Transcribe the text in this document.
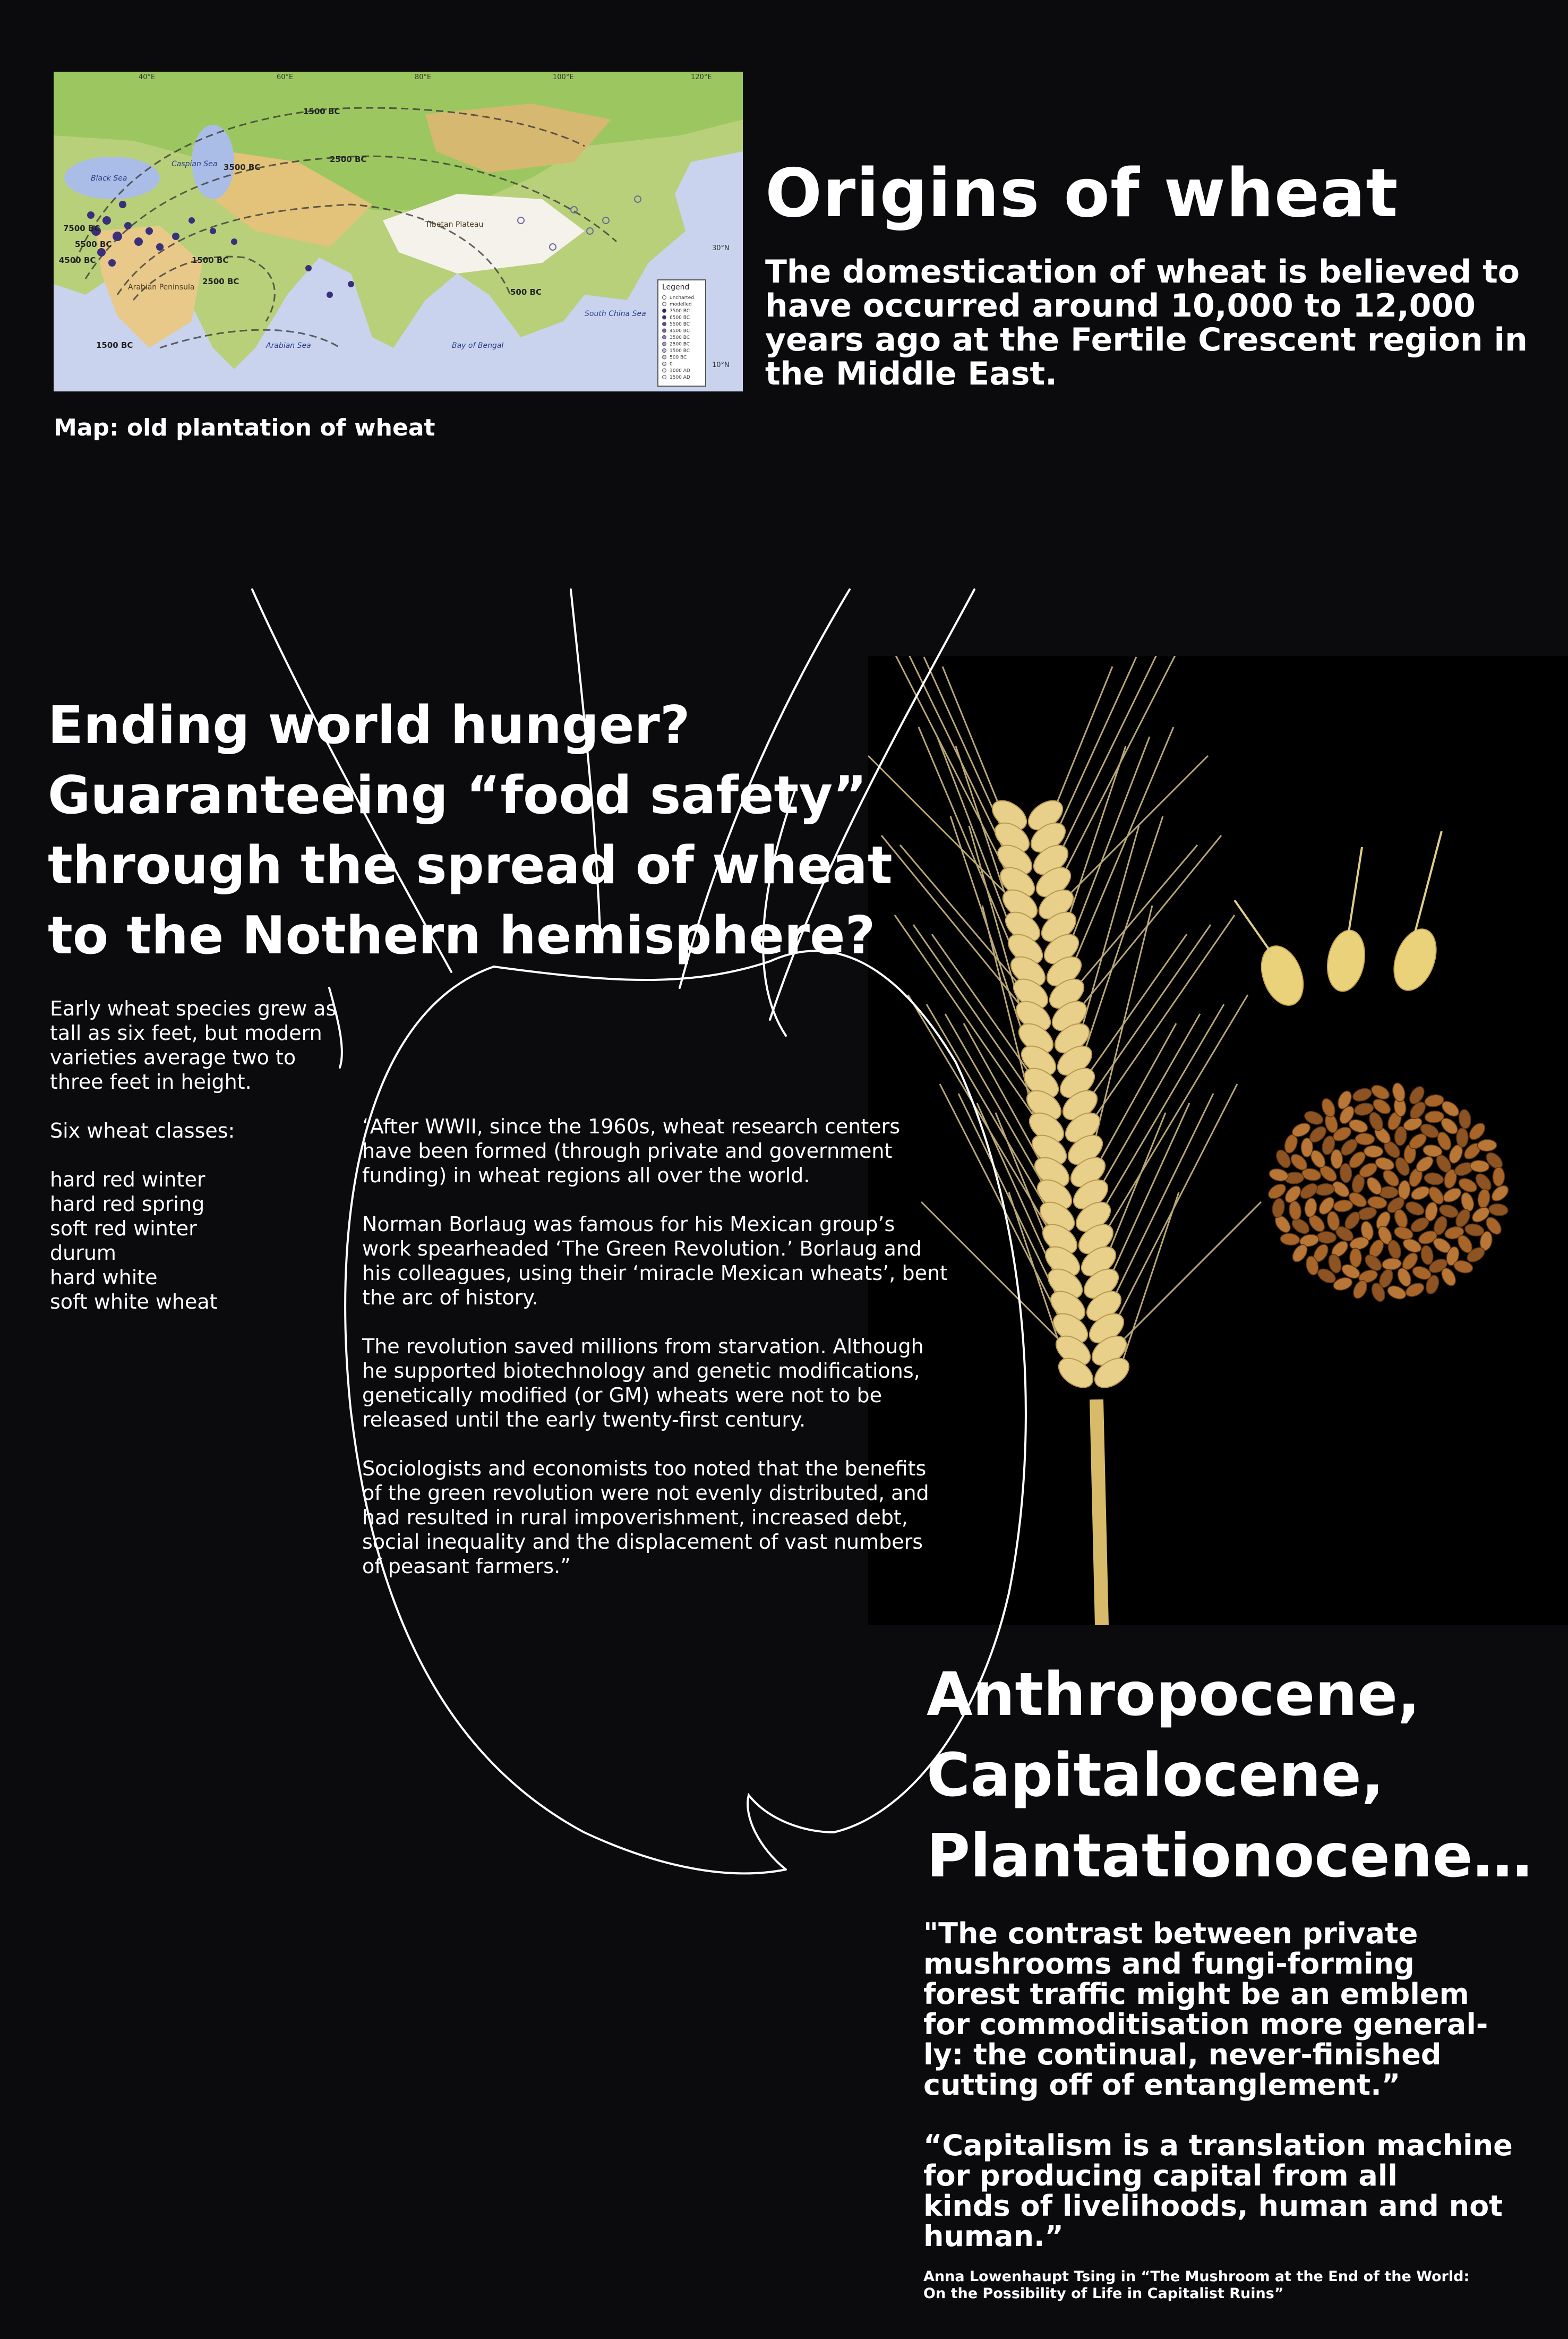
Caspian Sea
Black Sea
Arabian Sea	Bay of Bengal
South China Sea
Tibetan Plateau
Arabian Peninsula
1500 BC
2500 BC
3500 BC
7500 BC
5500 BC
4500 BC
2500 BC
1500 BC
500 BC
1500 BC
30°N
10°N
40°E	60°E	80°E	100°E	120°E
Legend
uncharted
modelled
7500 BC
6500 BC
5500 BC
4500 BC
3500 BC
2500 BC
1500 BC
500 BC
0
1000 AD
1500 AD
Map: old plantation of wheat
Origins of wheat
The domestication of wheat is believed to
have occurred around 10,000 to 12,000
years ago at the Fertile Crescent region in
the Middle East.
Ending world hunger?
Guaranteeing “food safety”
through the spread of wheat
to the Nothern hemisphere?
Early wheat species grew as
tall as six feet, but modern
varieties average two to
three feet in height.
Six wheat classes:
hard red winter
hard red spring
soft red winter
durum
hard white
soft white wheat

“After WWII, since the 1960s, wheat research centers
have been formed (through private and government
funding) in wheat regions all over the world.

Norman Borlaug was famous for his Mexican group’s
work spearheaded ‘The Green Revolution.’ Borlaug and
his colleagues, using their ‘miracle Mexican wheats’, bent
the arc of history.

The revolution saved millions from starvation. Although
he supported biotechnology and genetic modifications,
genetically modified (or GM) wheats were not to be
released until the early twenty-first century.

Sociologists and economists too noted that the benefits
of the green revolution were not evenly distributed, and
had resulted in rural impoverishment, increased debt,
social inequality and the displacement of vast numbers
of peasant farmers.”

Anthropocene,
Capitalocene,
Plantationocene…

"The contrast between private
mushrooms and fungi-forming
forest traffic might be an emblem
for commoditisation more general-
ly: the continual, never-finished
cutting off of entanglement.”

“Capitalism is a translation machine
for producing capital from all
kinds of livelihoods, human and not
human.”

Anna Lowenhaupt Tsing in “The Mushroom at the End of the World:
On the Possibility of Life in Capitalist Ruins”
